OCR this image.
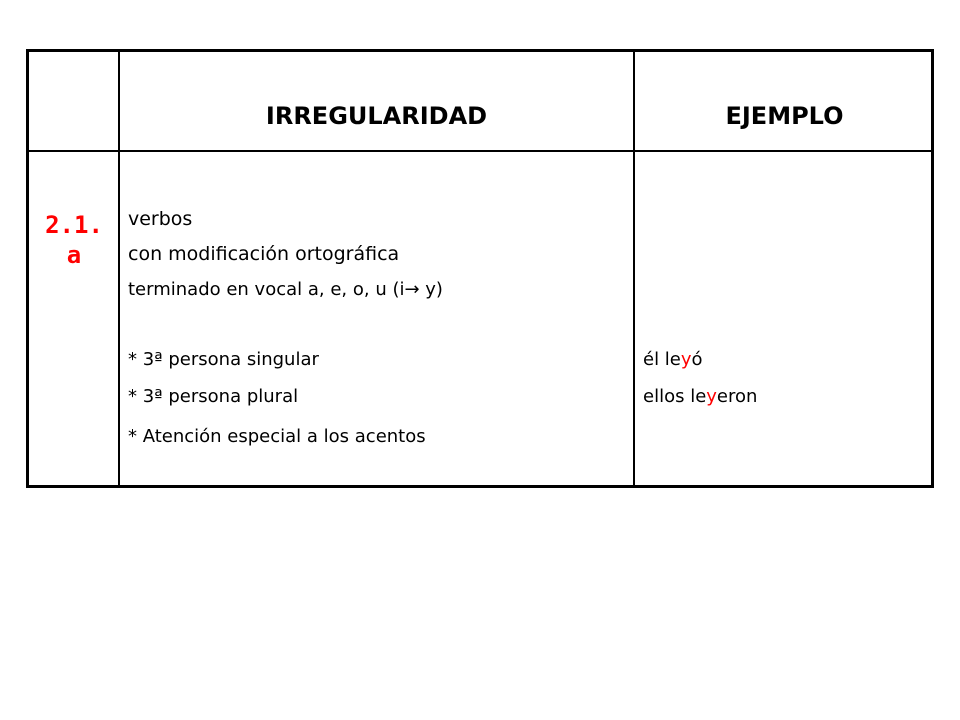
IRREGULARIDAD	EJEMPLO
2.1.
a
verbos
con modificación ortográfica
terminado en vocal a, e, o, u (i→ y)
* 3ª persona singular
* 3ª persona plural
* Atención especial a los acentos
él leyó
ellos leyeron
